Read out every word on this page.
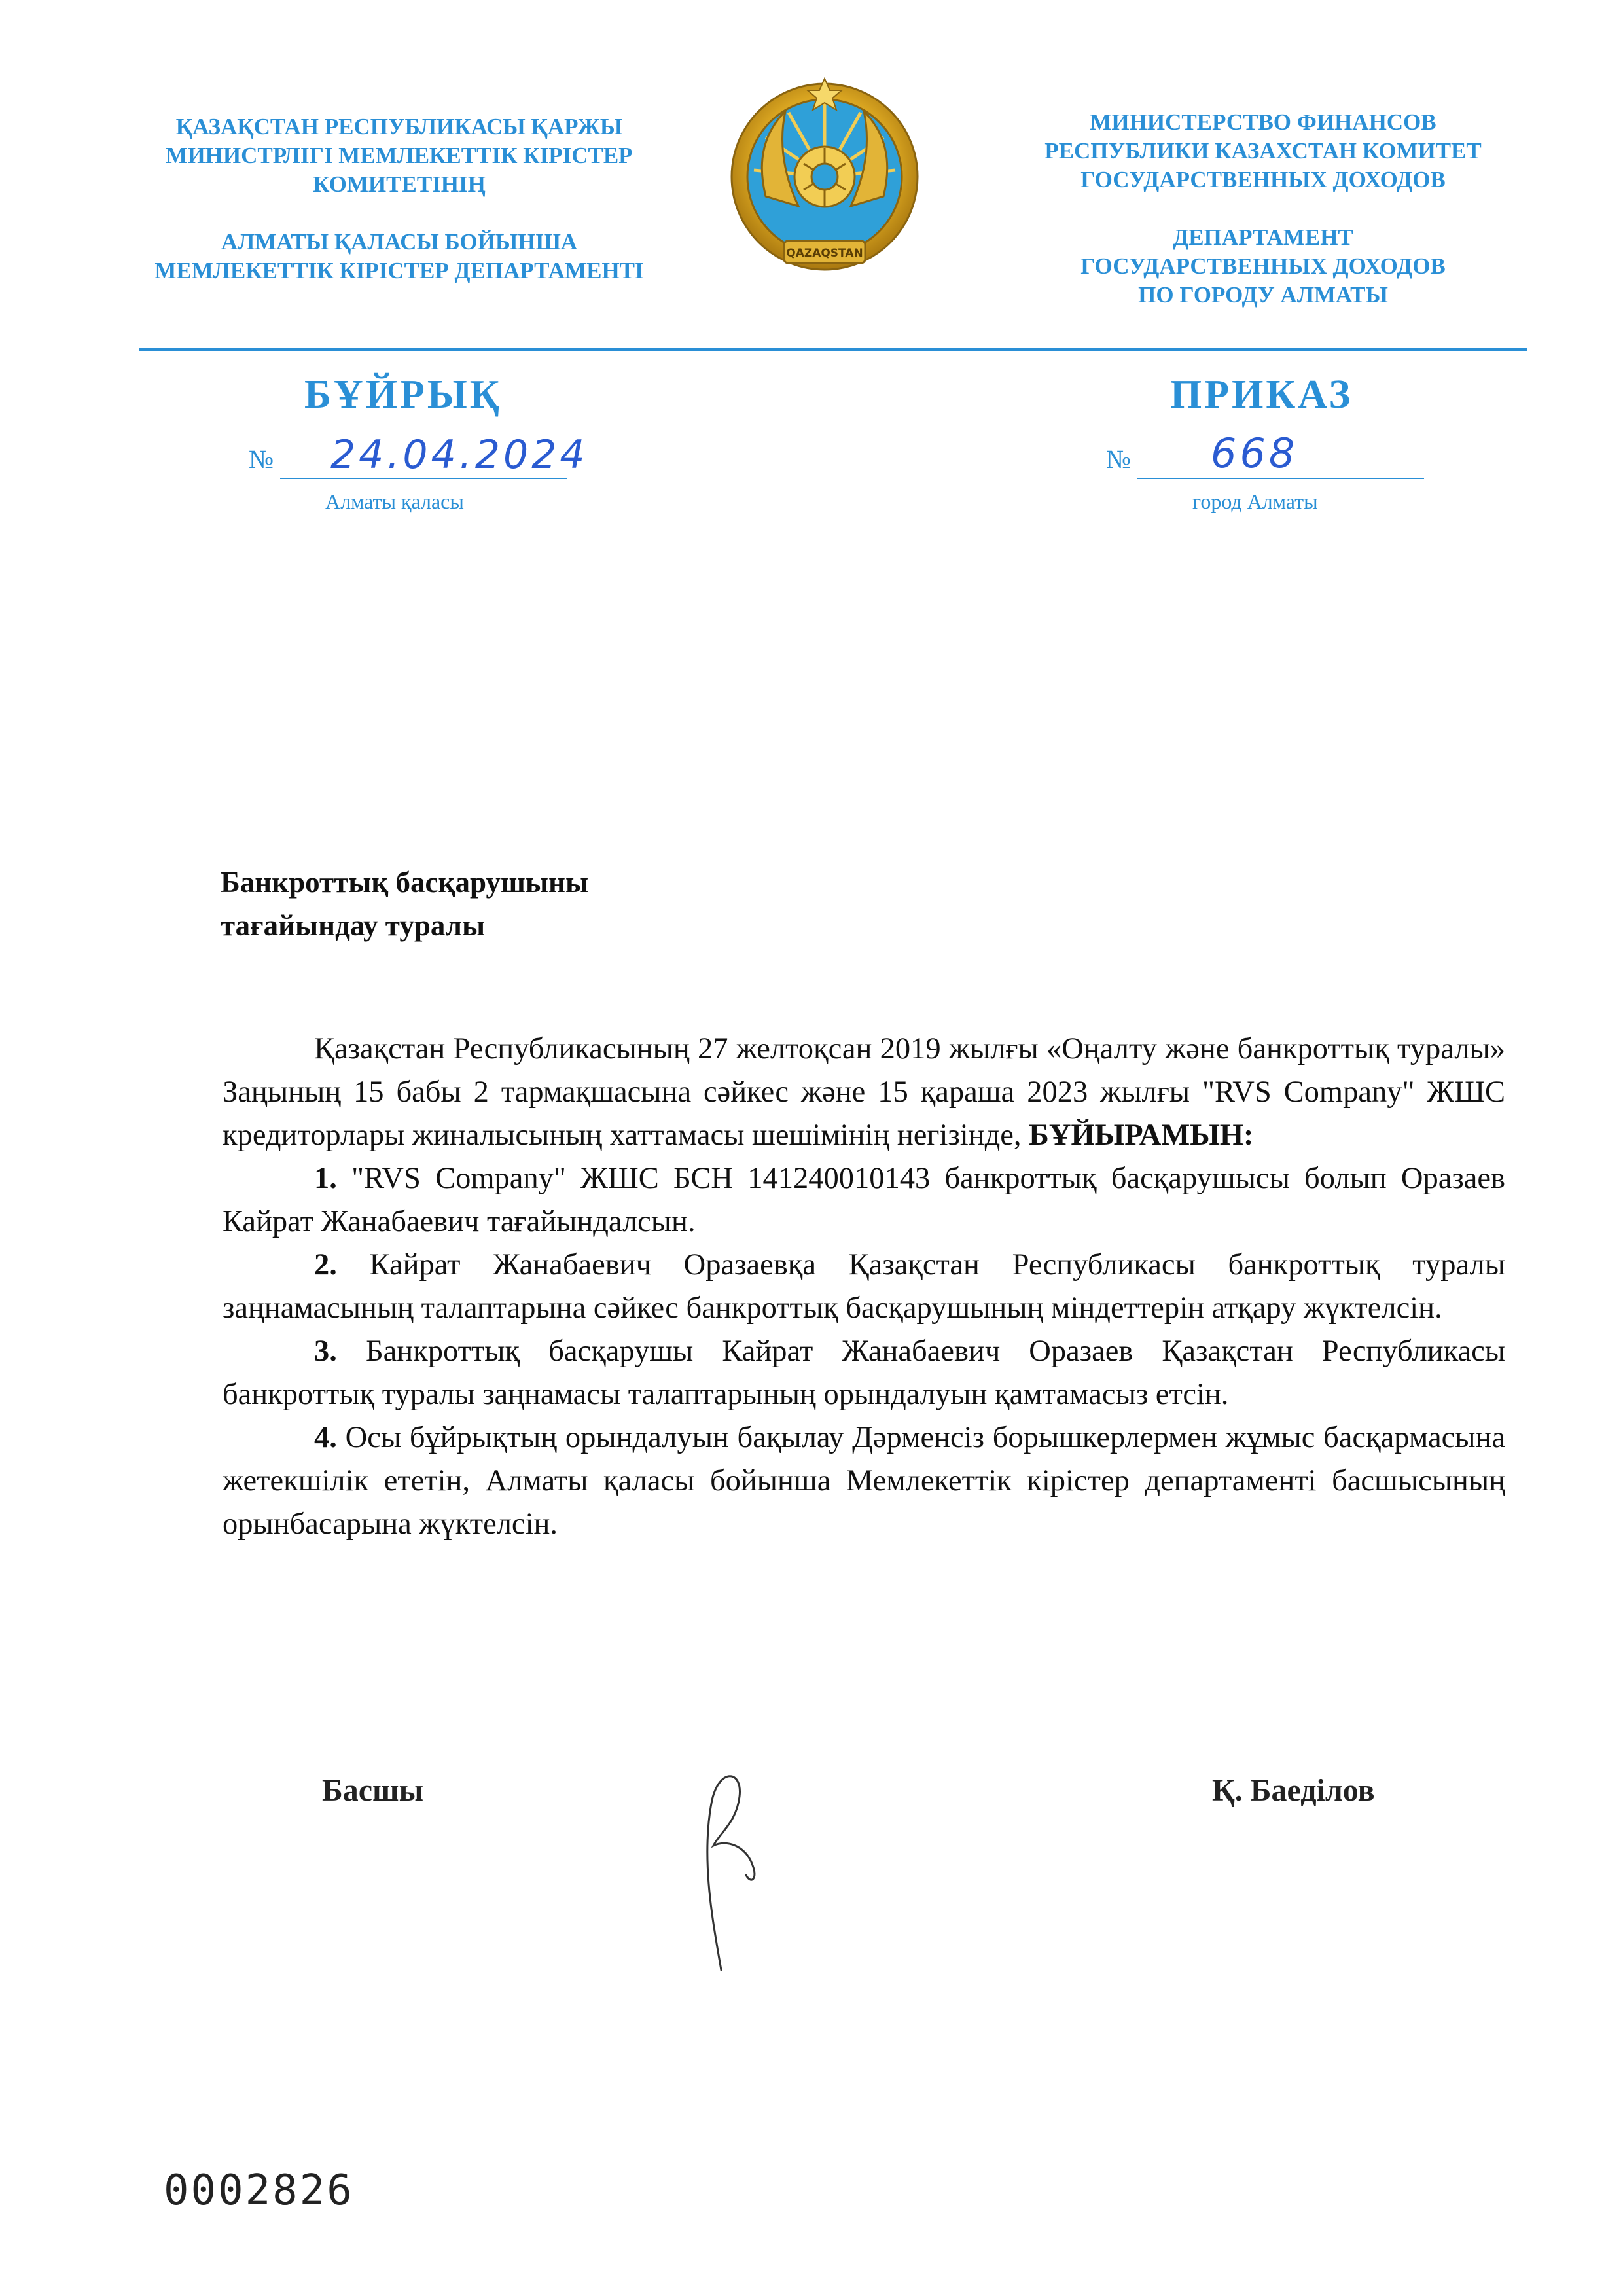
ҚАЗАҚСТАН РЕСПУБЛИКАСЫ ҚАРЖЫ
МИНИСТРЛІГІ МЕМЛЕКЕТТІК КІРІСТЕР
КОМИТЕТІНІҢ
АЛМАТЫ ҚАЛАСЫ БОЙЫНША
МЕМЛЕКЕТТІК КІРІСТЕР ДЕПАРТАМЕНТІ
QAZAQSTAN
МИНИСТЕРСТВО ФИНАНСОВ
РЕСПУБЛИКИ КАЗАХСТАН КОМИТЕТ
ГОСУДАРСТВЕННЫХ ДОХОДОВ
ДЕПАРТАМЕНТ
ГОСУДАРСТВЕННЫХ ДОХОДОВ
ПО ГОРОДУ АЛМАТЫ
БҰЙРЫҚ	ПРИКАЗ
№ 24.04.2024
Алматы қаласы
№ 668
город Алматы
Банкроттық басқарушыны
тағайындау туралы

Қазақстан Республикасының 27 желтоқсан 2019 жылғы «Оңалту және банкроттық туралы» Заңының 15 бабы 2 тармақшасына сәйкес және 15 қараша 2023 жылғы "RVS Company" ЖШС кредиторлары жиналысының хаттамасы шешімінің негізінде, БҰЙЫРАМЫН:

1. "RVS Company" ЖШС БСН 141240010143 банкроттық басқарушысы болып Оразаев Кайрат Жанабаевич тағайындалсын.

2. Кайрат Жанабаевич Оразаевқа Қазақстан Республикасы банкроттық туралы заңнамасының талаптарына сәйкес банкроттық басқарушының міндеттерін атқару жүктелсін.

3. Банкроттық басқарушы Кайрат Жанабаевич Оразаев Қазақстан Республикасы банкроттық туралы заңнамасы талаптарының орындалуын қамтамасыз етсін.

4. Осы бұйрықтың орындалуын бақылау Дәрменсіз борышкерлермен жұмыс басқармасына жетекшілік ететін, Алматы қаласы бойынша Мемлекеттік кірістер департаменті басшысының орынбасарына жүктелсін.

Басшы	Қ. Баеділов
0002826
